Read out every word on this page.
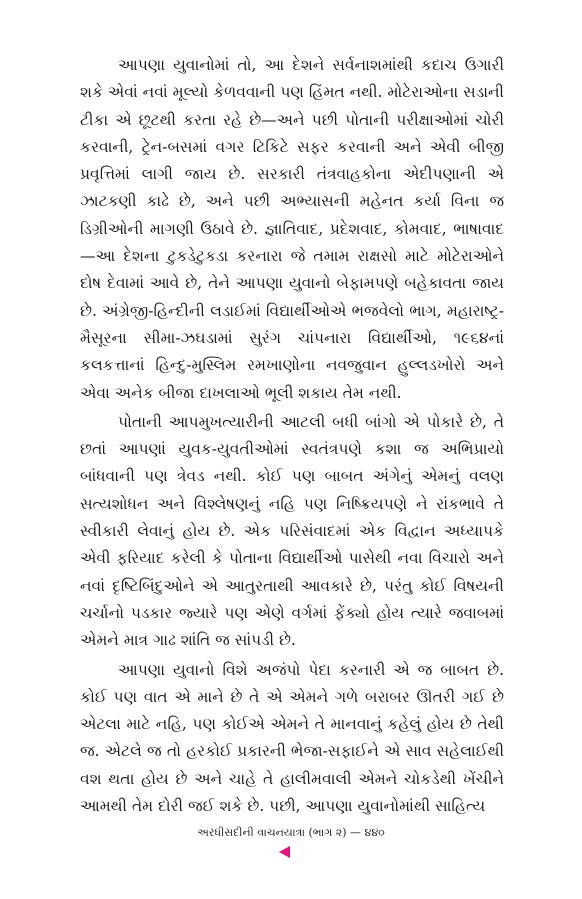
આપણા યુવાનોમાં તો, આ દેશને સર્વનાશમાંથી કદાચ ઉગારી શકે એવાં નવાં મૂલ્યો કેળવવાની પણ હિંમત નથી. મોટેરાઓના સડાની ટીકા એ છૂટથી કરતા રહે છે—અને પછી પોતાની પરીક્ષાઓમાં ચોરી કરવાની, ટ્રેન-બસમાં વગર ટિકિટે સફર કરવાની અને એવી બીજી પ્રવૃત્તિમાં લાગી જાય છે. સરકારી તંત્રવાહકોના એદીપણાની એ ઝાટકણી કાઢે છે, અને પછી અભ્યાસની મહેનત કર્યા વિના જ ડિગ્રીઓની માગણી ઉઠાવે છે. જ્ઞાતિવાદ, પ્રદેશવાદ, કોમવાદ, ભાષાવાદ—આ દેશના ટુકડેટુકડા કરનારા જે તમામ રાક્ષસો માટે મોટેરાઓને દોષ દેવામાં આવે છે, તેને આપણા યુવાનો બેફામપણે બહેકાવતા જાય છે. અંગ્રેજી-હિન્દીની લડાઈમાં વિદ્યાર્થીઓએ ભજવેલો ભાગ, મહારાષ્ટ્ર-મૈસૂરના સીમા-ઝઘડામાં સુરંગ ચાંપનારા વિદ્યાર્થીઓ, ૧૯૬૪નાં કલકત્તાનાં હિન્દુ-મુસ્લિમ રમખાણોના નવજુવાન હુલ્લડખોરો અને એવા અનેક બીજા દાખલાઓ ભૂલી શકાય તેમ નથી.

પોતાની આપમુખત્યારીની આટલી બધી બાંગો એ પોકારે છે, તે છતાં આપણાં યુવક-યુવતીઓમાં સ્વતંત્રપણે કશા જ અભિપ્રાયો બાંધવાની પણ ત્રેવડ નથી. કોઈ પણ બાબત અંગેનું એમનું વલણ સત્યશોધન અને વિશ્લેષણનું નહિ પણ નિષ્ક્રિયપણે ને રાંકભાવે તે સ્વીકારી લેવાનું હોય છે. એક પરિસંવાદમાં એક વિદ્વાન અધ્યાપકે એવી ફરિયાદ કરેલી કે પોતાના વિદ્યાર્થીઓ પાસેથી નવા વિચારો અને નવાં દૃષ્ટિબિંદુઓને એ આતુરતાથી આવકારે છે, પરંતુ કોઈ વિષયની ચર્ચાનો પડકાર જ્યારે પણ એણે વર્ગમાં ફેંક્યો હોય ત્યારે જવાબમાં એમને માત્ર ગાઢ શાંતિ જ સાંપડી છે.

આપણા યુવાનો વિશે અજંપો પેદા કરનારી એ જ બાબત છે. કોઈ પણ વાત એ માને છે તે એ એમને ગળે બરાબર ઊતરી ગઈ છે એટલા માટે નહિ, પણ કોઈએ એમને તે માનવાનું કહેલું હોય છે તેથી જ. એટલે જ તો હરકોઈ પ્રકારની ભેજા-સફાઈને એ સાવ સહેલાઈથી વશ થતા હોય છે અને ચાહે તે હાલીમવાલી એમને ચોકડેથી ખેંચીને આમથી તેમ દોરી જઈ શકે છે. પછી, આપણા યુવાનોમાંથી સાહિત્ય

અરધીસદીની વાચનયાત્રા (ભાગ ૨) — ૪૪૦
